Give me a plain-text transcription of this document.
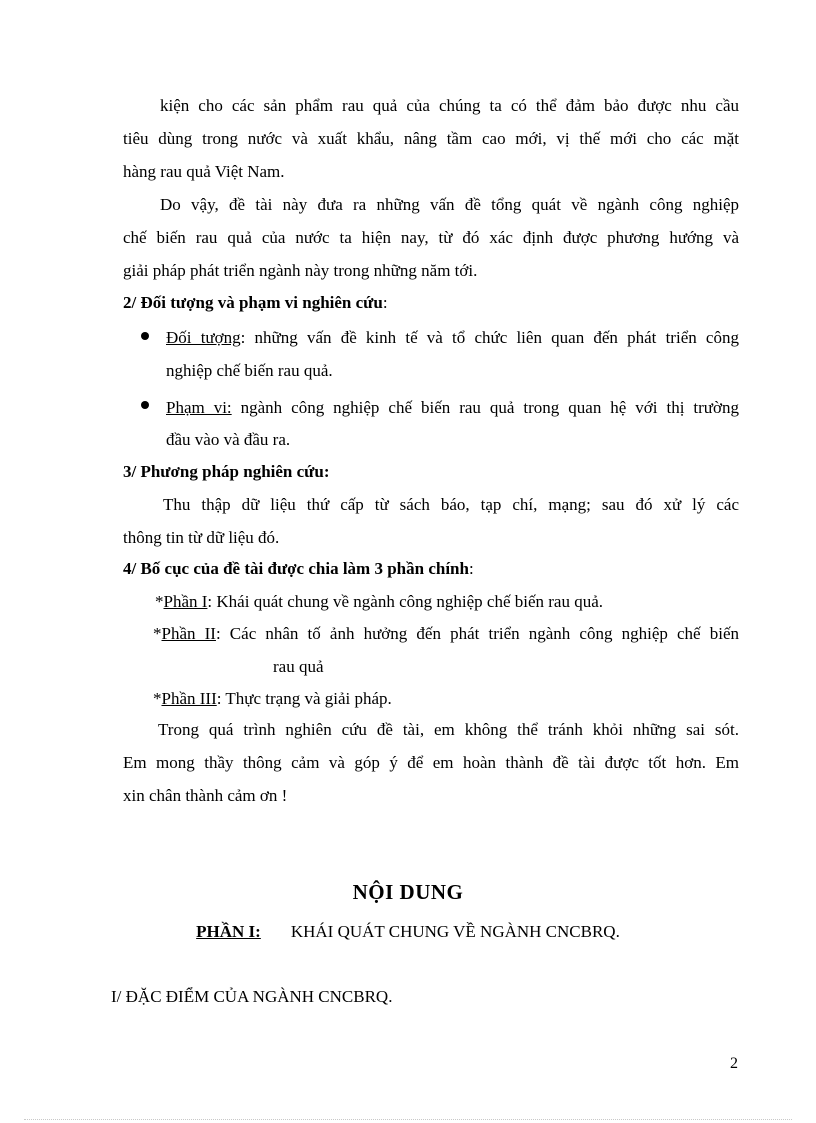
kiện cho các sản phẩm rau quả của chúng ta có thể đảm bảo được nhu cầu
tiêu dùng trong nước và xuất khẩu, nâng tầm cao mới, vị thế mới cho các mặt
hàng rau quả Việt Nam.
Do vậy, đề tài này đưa ra những vấn đề tổng quát về ngành công nghiệp
chế biến rau quả của nước ta hiện nay, từ đó xác định được phương hướng và
giải pháp phát triển ngành này trong những năm tới.
2/ Đối tượng và phạm vi nghiên cứu:
Đối tượng: những vấn đề kinh tế và tổ chức liên quan đến phát triển công
nghiệp chế biến rau quả.
Phạm vi: ngành công nghiệp chế biến rau quả trong quan hệ với thị trường
đầu vào và đầu ra.
3/ Phương pháp nghiên cứu:
Thu thập dữ liệu thứ cấp từ sách báo, tạp chí, mạng; sau đó xử lý các
thông tin từ dữ liệu đó.
4/ Bố cục của đề tài được chia làm 3 phần chính:
*Phần I: Khái quát chung về ngành công nghiệp chế biến rau quả.
*Phần II: Các nhân tố ảnh hưởng đến phát triển ngành công nghiệp chế biến
rau quả
*Phần III: Thực trạng và giải pháp.
Trong quá trình nghiên cứu đề tài, em không thể tránh khỏi những sai sót.
Em mong thầy thông cảm và góp ý để em hoàn thành đề tài được tốt hơn. Em
xin chân thành cảm ơn !
NỘI DUNG
PHẦN I: KHÁI QUÁT CHUNG VỀ NGÀNH CNCBRQ.
I/ ĐẶC ĐIỂM CỦA NGÀNH CNCBRQ.
2
